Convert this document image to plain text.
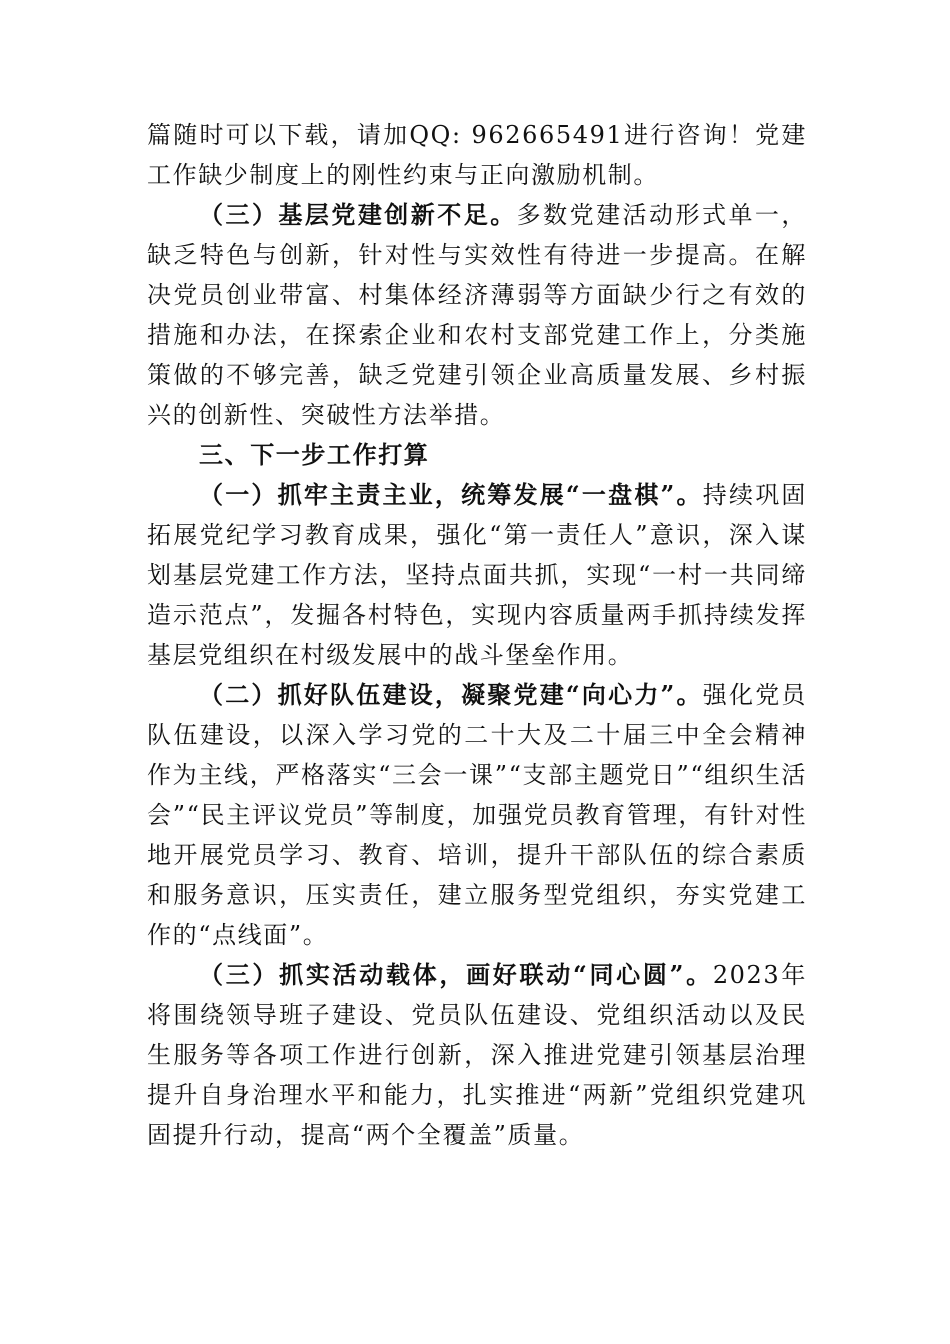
篇随时可以下载，请加QQ: 962665491进行咨询！党建工作缺少制度上的刚性约束与正向激励机制。

（三）基层党建创新不足。多数党建活动形式单一，缺乏特色与创新，针对性与实效性有待进一步提高。在解决党员创业带富、村集体经济薄弱等方面缺少行之有效的措施和办法，在探索企业和农村支部党建工作上，分类施策做的不够完善，缺乏党建引领企业高质量发展、乡村振兴的创新性、突破性方法举措。

三、下一步工作打算

（一）抓牢主责主业，统筹发展“一盘棋”。持续巩固拓展党纪学习教育成果，强化“第一责任人”意识，深入谋划基层党建工作方法，坚持点面共抓，实现“一村一共同缔造示范点”，发掘各村特色，实现内容质量两手抓持续发挥基层党组织在村级发展中的战斗堡垒作用。

（二）抓好队伍建设，凝聚党建“向心力”。强化党员队伍建设，以深入学习党的二十大及二十届三中全会精神作为主线，严格落实“三会一课”“支部主题党日”“组织生活会”“民主评议党员”等制度，加强党员教育管理，有针对性地开展党员学习、教育、培训，提升干部队伍的综合素质和服务意识，压实责任，建立服务型党组织，夯实党建工作的“点线面”。

（三）抓实活动载体，画好联动“同心圆”。2023年将围绕领导班子建设、党员队伍建设、党组织活动以及民生服务等各项工作进行创新，深入推进党建引领基层治理提升自身治理水平和能力，扎实推进“两新”党组织党建巩固提升行动，提高“两个全覆盖”质量。
